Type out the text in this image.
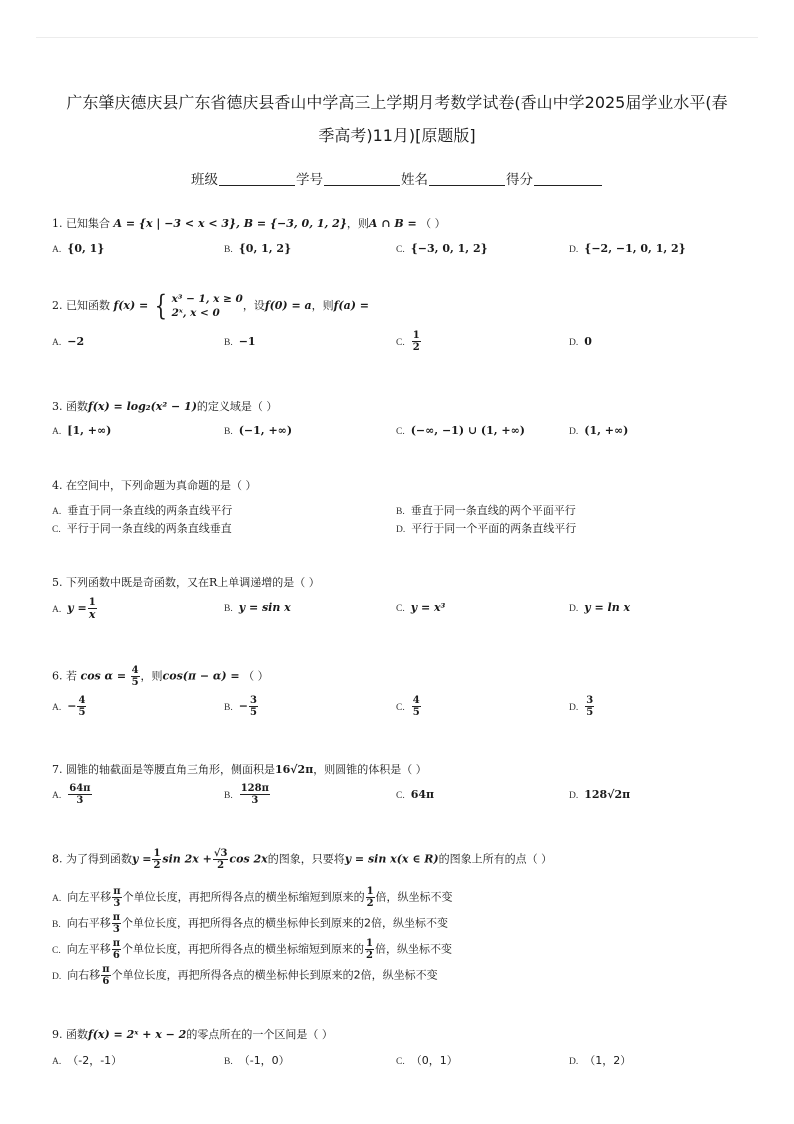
广东肇庆德庆县广东省德庆县香山中学高三上学期月考数学试卷(香山中学2025届学业水平(春
季高考)11月)[原题版]
班级	学号	姓名	得分
1. 已知集合 A = {x | −3 < x < 3}, B = {−3, 0, 1, 2}，则A ∩ B = （ ）
A. {0, 1}	B. {0, 1, 2}	C. {−3, 0, 1, 2}	D. {−2, −1, 0, 1, 2}
2. 已知函数 f(x) = { x³ − 1, x ≥ 0
2ˣ, x < 0
，设f(0) = a，则f(a) =
A. −2	B. −1	C. $\frac{1}{2}$	D. 0
3. 函数f(x) = log₂(x² − 1)的定义域是（ ）
A. [1, +∞)	B. (−1, +∞)	C. (−∞, −1) ∪ (1, +∞)	D. (1, +∞)
4. 在空间中，下列命题为真命题的是（ ）
A. 垂直于同一条直线的两条直线平行	B. 垂直于同一条直线的两个平面平行
C. 平行于同一条直线的两条直线垂直	D. 平行于同一个平面的两条直线平行
5. 下列函数中既是奇函数，又在R上单调递增的是（ ）
A. $y = \frac{1}{x}$	B. y = sin x	C. y = x³	D. y = ln x
6. 若 $\cos \alpha = \frac{4}{5}$ ，则cos(π − α) = （ ）
A. − $\frac{4}{5}$	B. − $\frac{3}{5}$	C. $\frac{4}{5}$	D. $\frac{3}{5}$
7. 圆锥的轴截面是等腰直角三角形，侧面积是16√2π，则圆锥的体积是（ ）
A. $\frac{64\pi}{3}$	B. $\frac{128\pi}{3}$	C. 64π	D. 128√2π
8. 为了得到函数$y = \frac{1}{2}$ $\sin 2x + \frac{√3}{2}$ cos 2x的图象，只要将y = sin x(x ∈ R)的图象上所有的点（ ）
A. 向左平移 $\frac{\pi}{3}$ 个单位长度，再把所得各点的横坐标缩短到原来的 $\frac{1}{2}$ 倍，纵坐标不变
B. 向右平移 $\frac{\pi}{3}$ 个单位长度，再把所得各点的横坐标伸长到原来的2倍，纵坐标不变
C. 向左平移 $\frac{\pi}{6}$ 个单位长度，再把所得各点的横坐标缩短到原来的 $\frac{1}{2}$ 倍，纵坐标不变
D. 向右移 $\frac{\pi}{6}$ 个单位长度，再把所得各点的横坐标伸长到原来的2倍，纵坐标不变
9. 函数f(x) = 2ˣ + x − 2的零点所在的一个区间是（ ）
A. （-2，-1）	B. （-1，0）	C. （0，1）	D. （1，2）
